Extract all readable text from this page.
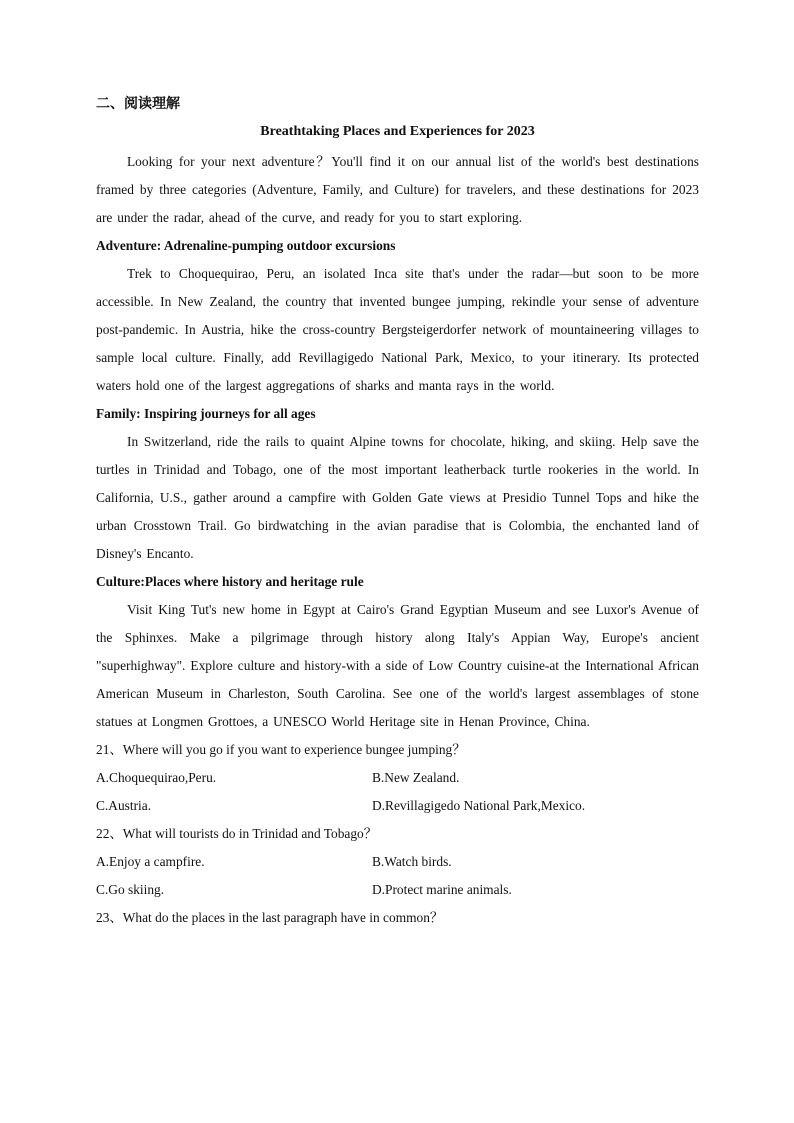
二、阅读理解
Breathtaking Places and Experiences for 2023

Looking for your next adventure？You'll find it on our annual list of the world's best destinations framed by three categories (Adventure, Family, and Culture) for travelers, and these destinations for 2023 are under the radar, ahead of the curve, and ready for you to start exploring.

Adventure: Adrenaline-pumping outdoor excursions

Trek to Choquequirao, Peru, an isolated Inca site that's under the radar—but soon to be more accessible. In New Zealand, the country that invented bungee jumping, rekindle your sense of adventure post-pandemic. In Austria, hike the cross-country Bergsteigerdorfer network of mountaineering villages to sample local culture. Finally, add Revillagigedo National Park, Mexico, to your itinerary. Its protected waters hold one of the largest aggregations of sharks and manta rays in the world.

Family: Inspiring journeys for all ages

In Switzerland, ride the rails to quaint Alpine towns for chocolate, hiking, and skiing. Help save the turtles in Trinidad and Tobago, one of the most important leatherback turtle rookeries in the world. In California, U.S., gather around a campfire with Golden Gate views at Presidio Tunnel Tops and hike the urban Crosstown Trail. Go birdwatching in the avian paradise that is Colombia, the enchanted land of Disney's Encanto.

Culture:Places where history and heritage rule

Visit King Tut's new home in Egypt at Cairo's Grand Egyptian Museum and see Luxor's Avenue of the Sphinxes. Make a pilgrimage through history along Italy's Appian Way, Europe's ancient "superhighway". Explore culture and history-with a side of Low Country cuisine-at the International African American Museum in Charleston, South Carolina. See one of the world's largest assemblages of stone statues at Longmen Grottoes, a UNESCO World Heritage site in Henan Province, China.

21、Where will you go if you want to experience bungee jumping？

A.Choquequirao,Peru.	B.New Zealand.
C.Austria.	D.Revillagigedo National Park,Mexico.

22、What will tourists do in Trinidad and Tobago？

A.Enjoy a campfire.	B.Watch birds.
C.Go skiing.	D.Protect marine animals.

23、What do the places in the last paragraph have in common？
